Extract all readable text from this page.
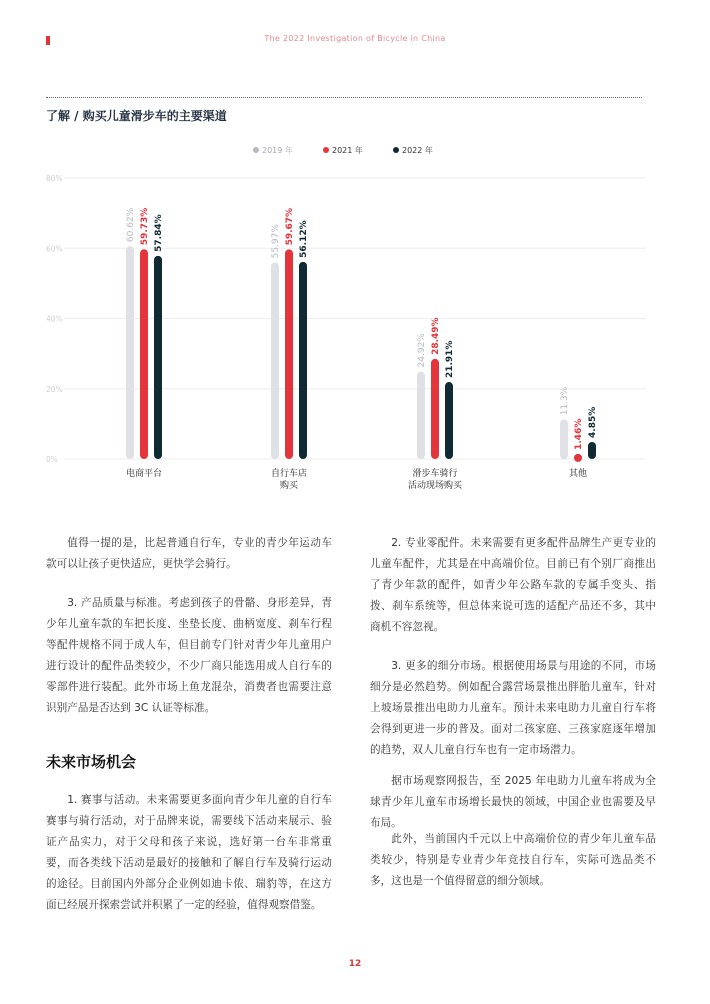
The 2022 Investigation of Bicycle in China
了解 / 购买儿童滑步车的主要渠道
2019 年	2021 年	2022 年
0%
20%
40%
60%
80%
60.62% 59.73% 57.84%
电商平台
55.97% 59.67% 56.12%
自行车店
购买
24.92% 28.49%
21.91%
滑步车骑行
活动现场购买
11.3%
1.46% 4.85%
其他

值得一提的是，比起普通自行车，专业的青少年运动车款可以让孩子更快适应，更快学会骑行。

3. 产品质量与标准。考虑到孩子的骨骼、身形差异，青少年儿童车款的车把长度、坐垫长度、曲柄宽度、刹车行程等配件规格不同于成人车，但目前专门针对青少年儿童用户进行设计的配件品类较少，不少厂商只能选用成人自行车的零部件进行装配。此外市场上鱼龙混杂，消费者也需要注意识别产品是否达到 3C 认证等标准。

未来市场机会

1. 赛事与活动。未来需要更多面向青少年儿童的自行车赛事与骑行活动，对于品牌来说，需要线下活动来展示、验证产品实力，对于父母和孩子来说，选好第一台车非常重要，而各类线下活动是最好的接触和了解自行车及骑行运动的途径。目前国内外部分企业例如迪卡侬、瑞豹等，在这方面已经展开探索尝试并积累了一定的经验，值得观察借鉴。

2. 专业零配件。未来需要有更多配件品牌生产更专业的儿童车配件，尤其是在中高端价位。目前已有个别厂商推出了青少年款的配件，如青少年公路车款的专属手变头、指拨、刹车系统等，但总体来说可选的适配产品还不多，其中商机不容忽视。

3. 更多的细分市场。根据使用场景与用途的不同，市场细分是必然趋势。例如配合露营场景推出胖胎儿童车，针对上坡场景推出电助力儿童车。预计未来电助力儿童自行车将会得到更进一步的普及。面对二孩家庭、三孩家庭逐年增加的趋势，双人儿童自行车也有一定市场潜力。

据市场观察网报告，至 2025 年电助力儿童车将成为全球青少年儿童车市场增长最快的领域，中国企业也需要及早布局。

此外，当前国内千元以上中高端价位的青少年儿童车品类较少，特别是专业青少年竞技自行车，实际可选品类不多，这也是一个值得留意的细分领域。

12
